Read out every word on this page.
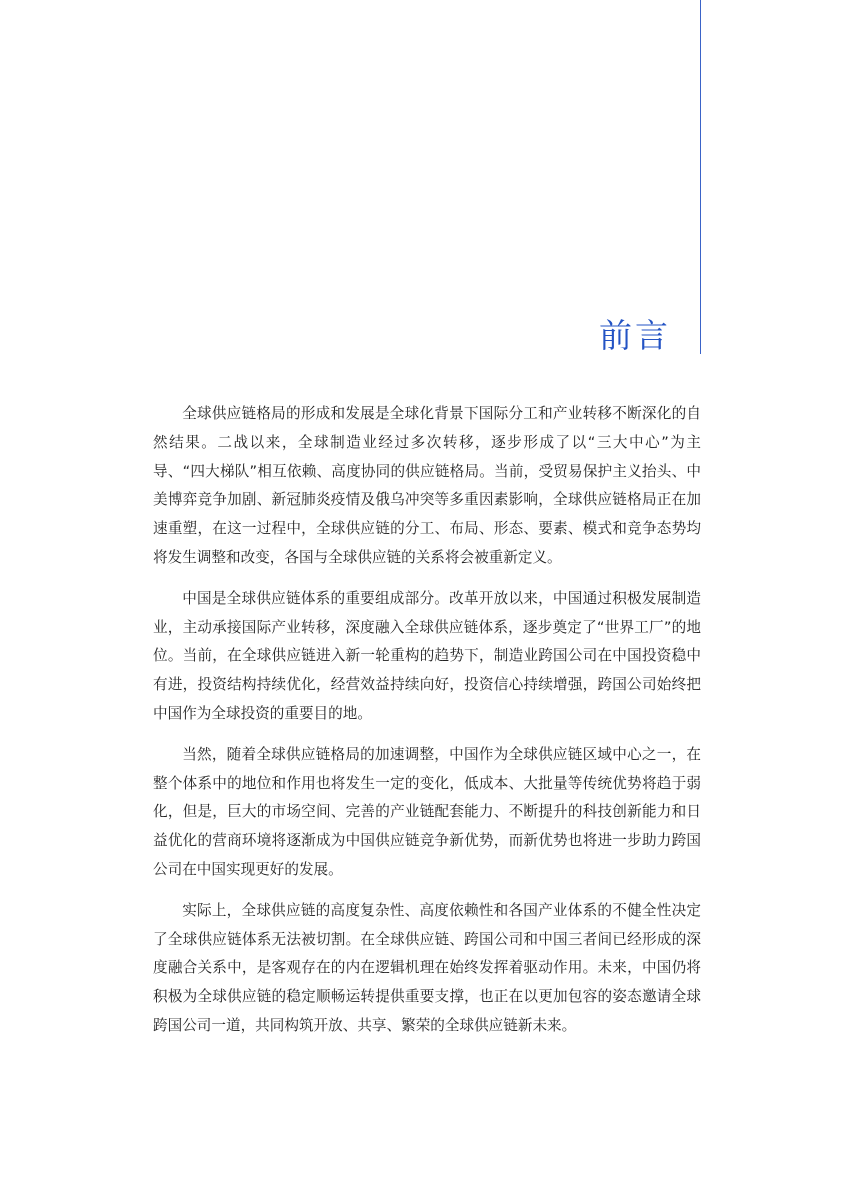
前言

全球供应链格局的形成和发展是全球化背景下国际分工和产业转移不断深化的自然结果。二战以来，全球制造业经过多次转移，逐步形成了以“三大中心”为主导、“四大梯队”相互依赖、高度协同的供应链格局。当前，受贸易保护主义抬头、中美博弈竞争加剧、新冠肺炎疫情及俄乌冲突等多重因素影响，全球供应链格局正在加速重塑，在这一过程中，全球供应链的分工、布局、形态、要素、模式和竞争态势均将发生调整和改变，各国与全球供应链的关系将会被重新定义。

中国是全球供应链体系的重要组成部分。改革开放以来，中国通过积极发展制造业，主动承接国际产业转移，深度融入全球供应链体系，逐步奠定了“世界工厂”的地位。当前，在全球供应链进入新一轮重构的趋势下，制造业跨国公司在中国投资稳中有进，投资结构持续优化，经营效益持续向好，投资信心持续增强，跨国公司始终把中国作为全球投资的重要目的地。

当然，随着全球供应链格局的加速调整，中国作为全球供应链区域中心之一，在整个体系中的地位和作用也将发生一定的变化，低成本、大批量等传统优势将趋于弱化，但是，巨大的市场空间、完善的产业链配套能力、不断提升的科技创新能力和日益优化的营商环境将逐渐成为中国供应链竞争新优势，而新优势也将进一步助力跨国公司在中国实现更好的发展。

实际上，全球供应链的高度复杂性、高度依赖性和各国产业体系的不健全性决定了全球供应链体系无法被切割。在全球供应链、跨国公司和中国三者间已经形成的深度融合关系中，是客观存在的内在逻辑机理在始终发挥着驱动作用。未来，中国仍将积极为全球供应链的稳定顺畅运转提供重要支撑，也正在以更加包容的姿态邀请全球跨国公司一道，共同构筑开放、共享、繁荣的全球供应链新未来。
